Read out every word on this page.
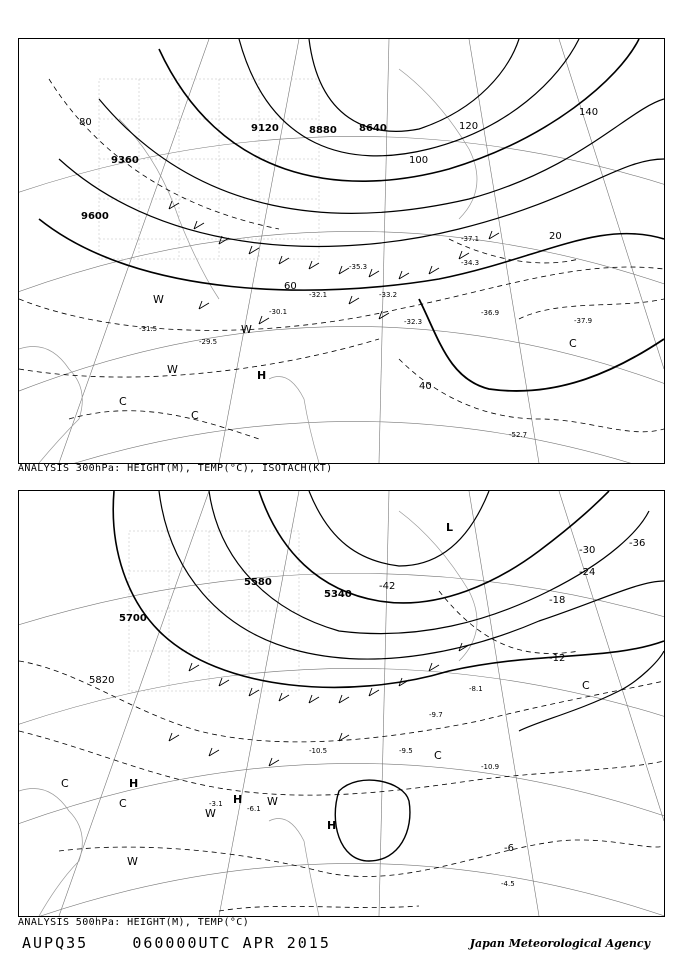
9120	8880 8640
9360
9600
20
40
60
80
100
120
140
-29.5
-30.1
-31.5
-32.1
-32.3
-33.2
-34.3
-35.3
-36.9
-37.1
-37.9
-52.7
H
C
C
W
W
W
C
ANALYSIS 300hPa: HEIGHT(M), TEMP(°C), ISOTACH(KT)
5700
5580
5340
5820
-6
-12
-18
-24
-30
-36
-42
-9.5
-9.7
-10.5
-10.9
-4.5
-6.1
-3.1
-8.1
H
H
H
L
C
C
C
C
W
W
W
ANALYSIS 500hPa: HEIGHT(M), TEMP(°C)
AUPQ35	060000UTC APR 2015	Japan Meteorological Agency
